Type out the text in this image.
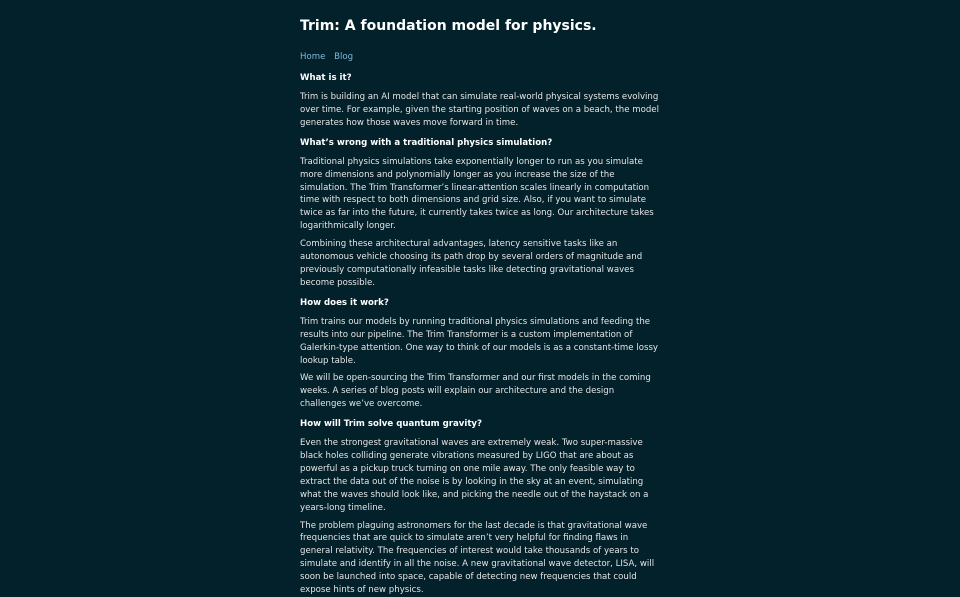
Trim: A foundation model for physics.
Home Blog
What is it?

Trim is building an AI model that can simulate real-world physical systems evolving over time. For example, given the starting position of waves on a beach, the model generates how those waves move forward in time.

What’s wrong with a traditional physics simulation?

Traditional physics simulations take exponentially longer to run as you simulate more dimensions and polynomially longer as you increase the size of the simulation. The Trim Transformer’s linear-attention scales linearly in computation time with respect to both dimensions and grid size. Also, if you want to simulate twice as far into the future, it currently takes twice as long. Our architecture takes logarithmically longer.

Combining these architectural advantages, latency sensitive tasks like an autonomous vehicle choosing its path drop by several orders of magnitude and previously computationally infeasible tasks like detecting gravitational waves become possible.

How does it work?

Trim trains our models by running traditional physics simulations and feeding the results into our pipeline. The Trim Transformer is a custom implementation of Galerkin-type attention. One way to think of our models is as a constant-time lossy lookup table.

We will be open-sourcing the Trim Transformer and our first models in the coming weeks. A series of blog posts will explain our architecture and the design challenges we’ve overcome.

How will Trim solve quantum gravity?

Even the strongest gravitational waves are extremely weak. Two super-massive black holes colliding generate vibrations measured by LIGO that are about as powerful as a pickup truck turning on one mile away. The only feasible way to extract the data out of the noise is by looking in the sky at an event, simulating what the waves should look like, and picking the needle out of the haystack on a years-long timeline.

The problem plaguing astronomers for the last decade is that gravitational wave frequencies that are quick to simulate aren’t very helpful for finding flaws in general relativity. The frequencies of interest would take thousands of years to simulate and identify in all the noise. A new gravitational wave detector, LISA, will soon be launched into space, capable of detecting new frequencies that could expose hints of new physics.
